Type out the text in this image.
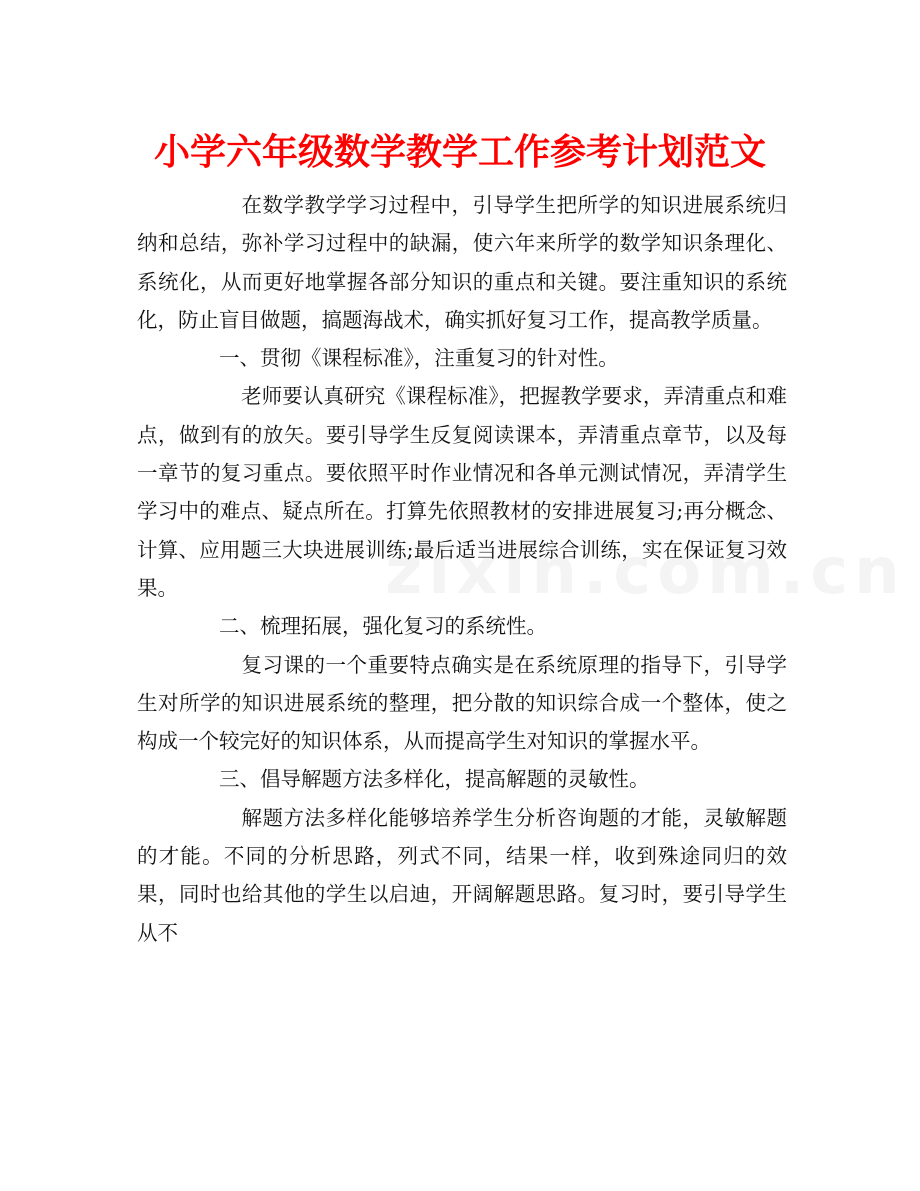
小学六年级数学教学工作参考计划范文

在数学教学学习过程中，引导学生把所学的知识进展系统归纳和总结，弥补学习过程中的缺漏，使六年来所学的数学知识条理化、系统化，从而更好地掌握各部分知识的重点和关键。要注重知识的系统化，防止盲目做题，搞题海战术，确实抓好复习工作，提高教学质量。

一、贯彻《课程标准》，注重复习的针对性。

老师要认真研究《课程标准》，把握教学要求，弄清重点和难点，做到有的放矢。要引导学生反复阅读课本，弄清重点章节，以及每一章节的复习重点。要依照平时作业情况和各单元测试情况，弄清学生学习中的难点、疑点所在。打算先依照教材的安排进展复习;再分概念、计算、应用题三大块进展训练;最后适当进展综合训练，实在保证复习效果。

二、梳理拓展，强化复习的系统性。

复习课的一个重要特点确实是在系统原理的指导下，引导学生对所学的知识进展系统的整理，把分散的知识综合成一个整体，使之构成一个较完好的知识体系，从而提高学生对知识的掌握水平。

三、倡导解题方法多样化，提高解题的灵敏性。

解题方法多样化能够培养学生分析咨询题的才能，灵敏解题的才能。不同的分析思路，列式不同，结果一样，收到殊途同归的效果，同时也给其他的学生以启迪，开阔解题思路。复习时，要引导学生从不
